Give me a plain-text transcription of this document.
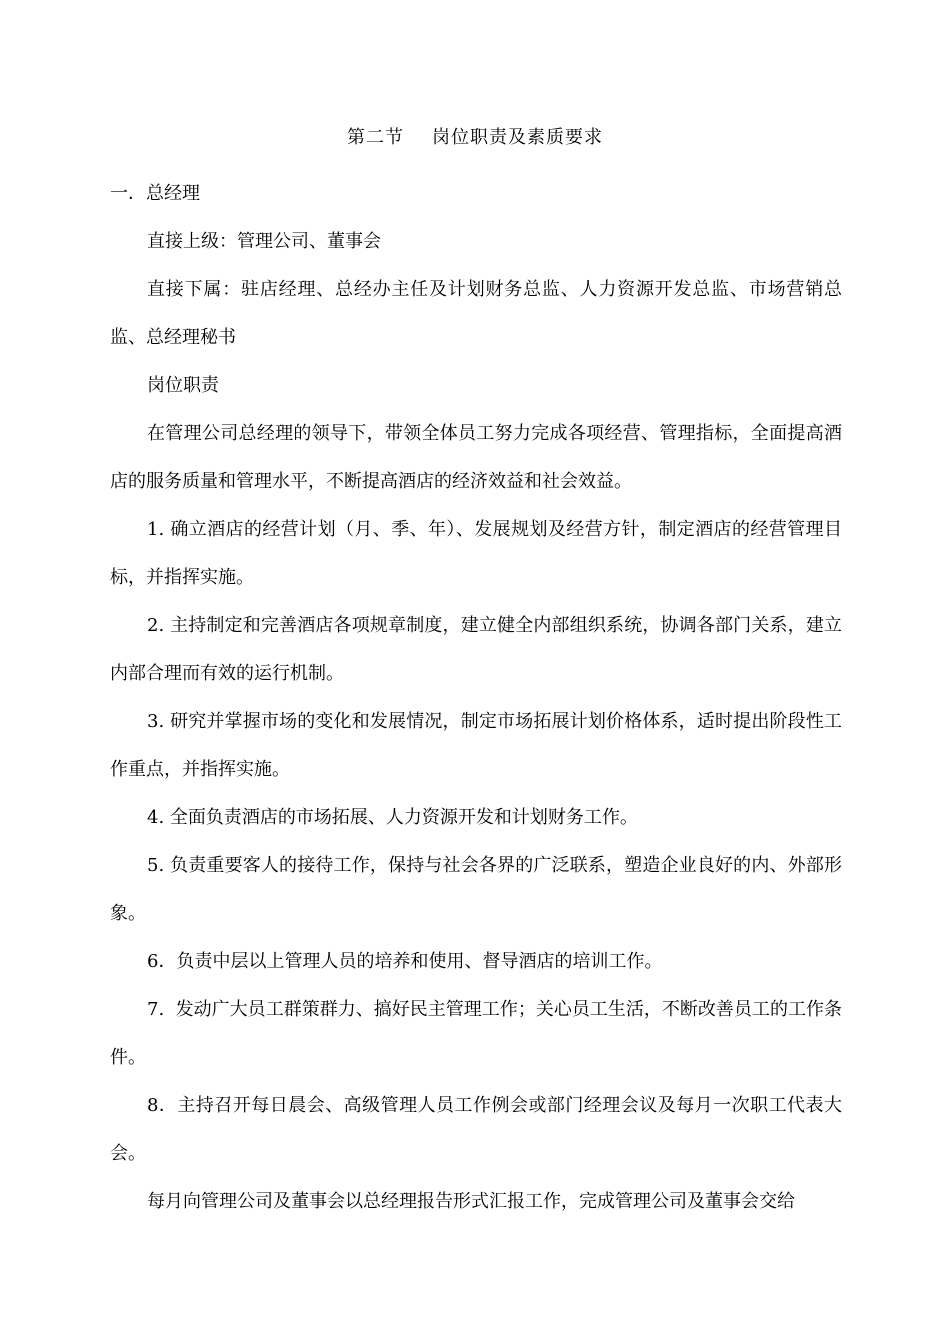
第二节 岗位职责及素质要求

一．总经理

直接上级：管理公司、董事会

直接下属：驻店经理、总经办主任及计划财务总监、人力资源开发总监、市场营销总监、总经理秘书

岗位职责

在管理公司总经理的领导下，带领全体员工努力完成各项经营、管理指标，全面提高酒店的服务质量和管理水平，不断提高酒店的经济效益和社会效益。

1. 确立酒店的经营计划（月、季、年）、发展规划及经营方针，制定酒店的经营管理目标，并指挥实施。

2. 主持制定和完善酒店各项规章制度，建立健全内部组织系统，协调各部门关系，建立内部合理而有效的运行机制。

3. 研究并掌握市场的变化和发展情况，制定市场拓展计划价格体系，适时提出阶段性工作重点，并指挥实施。

4. 全面负责酒店的市场拓展、人力资源开发和计划财务工作。

5. 负责重要客人的接待工作，保持与社会各界的广泛联系，塑造企业良好的内、外部形象。

6．负责中层以上管理人员的培养和使用、督导酒店的培训工作。

7.  发动广大员工群策群力、搞好民主管理工作；关心员工生活，不断改善员工的工作条件。

8．主持召开每日晨会、高级管理人员工作例会或部门经理会议及每月一次职工代表大会。

每月向管理公司及董事会以总经理报告形式汇报工作，完成管理公司及董事会交给
